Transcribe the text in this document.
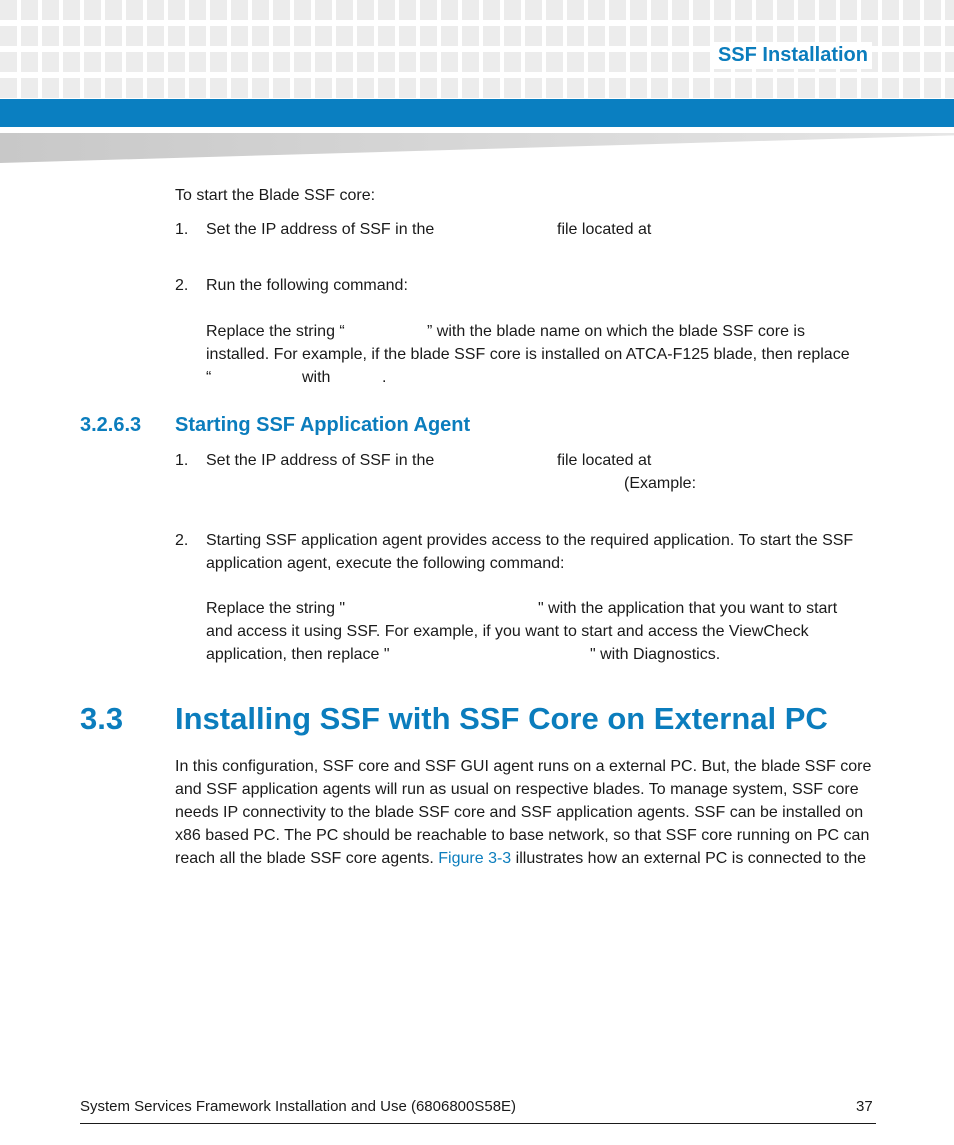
SSF Installation
To start the Blade SSF core:
1. Set the IP address of SSF in the	file located at
2. Run the following command:
Replace the string “	” with the blade name on which the blade SSF core is
installed. For example, if the blade SSF core is installed on ATCA-F125 blade, then replace
“	with	.
3.2.6.3 Starting SSF Application Agent
1. Set the IP address of SSF in the	file located at
(Example:
2. Starting SSF application agent provides access to the required application. To start the SSF
application agent, execute the following command:
Replace the string "	" with the application that you want to start
and access it using SSF. For example, if you want to start and access the ViewCheck
application, then replace "	" with Diagnostics.
3.3 Installing SSF with SSF Core on External PC
In this configuration, SSF core and SSF GUI agent runs on a external PC. But, the blade SSF core
and SSF application agents will run as usual on respective blades. To manage system, SSF core
needs IP connectivity to the blade SSF core and SSF application agents. SSF can be installed on
x86 based PC. The PC should be reachable to base network, so that SSF core running on PC can
reach all the blade SSF core agents. Figure 3-3 illustrates how an external PC is connected to the
System Services Framework Installation and Use (6806800S58E)	37
